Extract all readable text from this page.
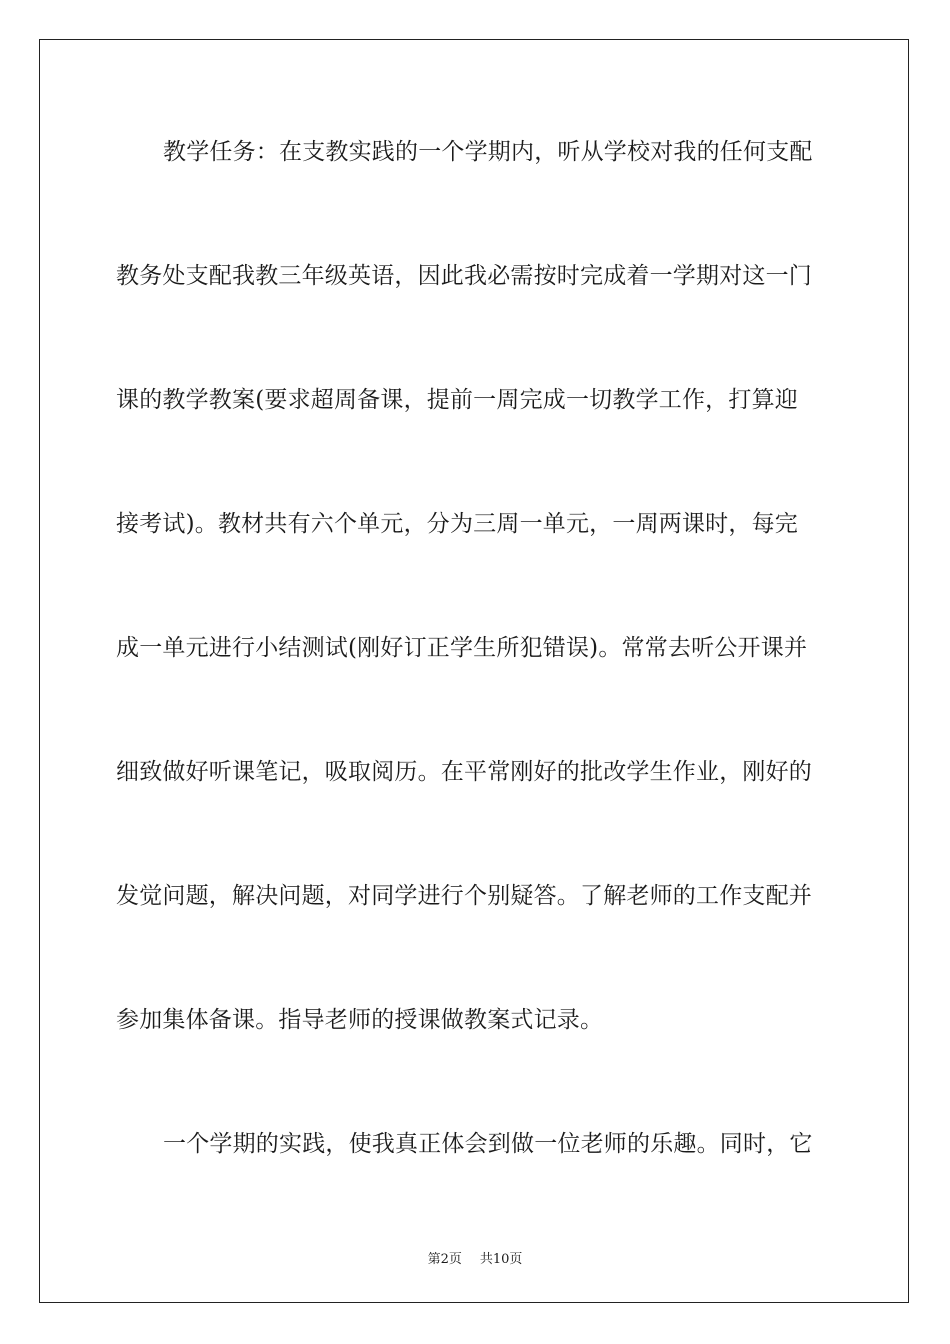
教学任务：在支教实践的一个学期内，听从学校对我的任何支配
教务处支配我教三年级英语，因此我必需按时完成着一学期对这一门
课的教学教案(要求超周备课，提前一周完成一切教学工作，打算迎
接考试)。教材共有六个单元，分为三周一单元，一周两课时，每完
成一单元进行小结测试(刚好订正学生所犯错误)。常常去听公开课并
细致做好听课笔记，吸取阅历。在平常刚好的批改学生作业，刚好的
发觉问题，解决问题，对同学进行个别疑答。了解老师的工作支配并
参加集体备课。指导老师的授课做教案式记录。
一个学期的实践，使我真正体会到做一位老师的乐趣。同时，它
第2页 共10页
